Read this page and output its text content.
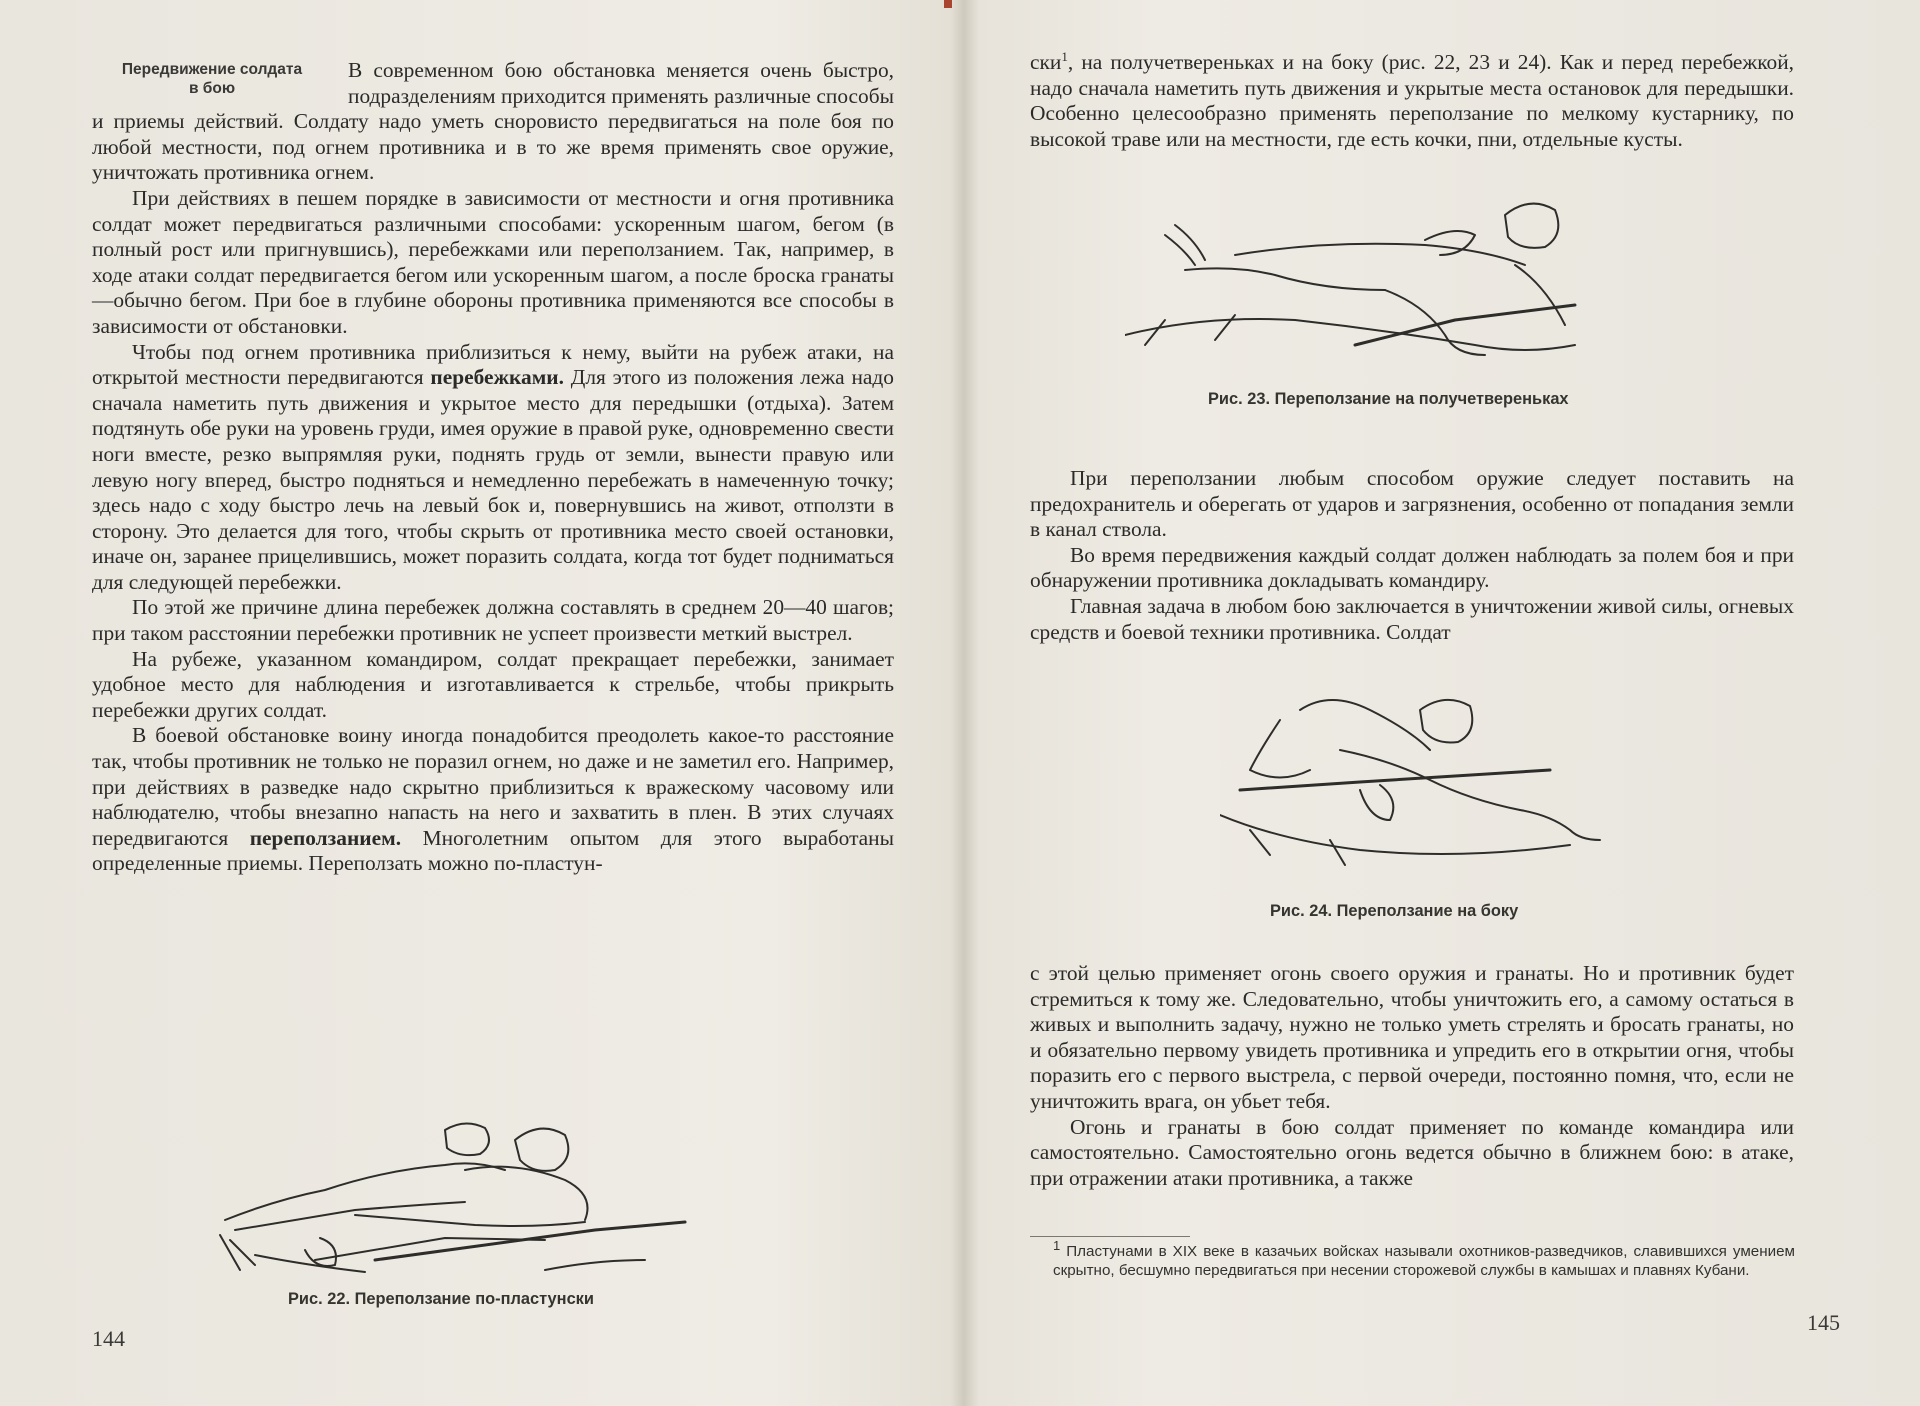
Передвижение солдата
в бою

В современном бою обстановка меняется очень быстро, подразделениям приходится применять различные способы и приемы действий. Солдату надо уметь сноровисто передвигаться на поле боя по любой местности, под огнем противника и в то же время применять свое оружие, уничтожать противника огнем.

При действиях в пешем порядке в зависимости от местности и огня противника солдат может передвигаться различными способами: ускоренным шагом, бегом (в полный рост или пригнувшись), перебежками или переползанием. Так, например, в ходе атаки солдат передвигается бегом или ускоренным шагом, а после броска гранаты —обычно бегом. При бое в глубине обороны противника применяются все способы в зависимости от обстановки.

Чтобы под огнем противника приблизиться к нему, выйти на рубеж атаки, на открытой местности передвигаются перебежками. Для этого из положения лежа надо сначала наметить путь движения и укрытое место для передышки (отдыха). Затем подтянуть обе руки на уровень груди, имея оружие в правой руке, одновременно свести ноги вместе, резко выпрямляя руки, поднять грудь от земли, вынести правую или левую ногу вперед, быстро подняться и немедленно перебежать в намеченную точку; здесь надо с ходу быстро лечь на левый бок и, повернувшись на живот, отползти в сторону. Это делается для того, чтобы скрыть от противника место своей остановки, иначе он, заранее прицелившись, может поразить солдата, когда тот будет подниматься для следующей перебежки.

По этой же причине длина перебежек должна составлять в среднем 20—40 шагов; при таком расстоянии перебежки противник не успеет произвести меткий выстрел.

На рубеже, указанном командиром, солдат прекращает перебежки, занимает удобное место для наблюдения и изготавливается к стрельбе, чтобы прикрыть перебежки других солдат.

В боевой обстановке воину иногда понадобится преодолеть какое-то расстояние так, чтобы противник не только не поразил огнем, но даже и не заметил его. Например, при действиях в разведке надо скрытно приблизиться к вражескому часовому или наблюдателю, чтобы внезапно напасть на него и захватить в плен. В этих случаях передвигаются переползанием. Многолетним опытом для этого выработаны определенные приемы. Переползать можно по-пластун-

Рис. 22. Переползание по-пластунски
144

ски$^1$, на получетвереньках и на боку (рис. 22, 23 и 24). Как и перед перебежкой, надо сначала наметить путь движения и укрытые места остановок для передышки. Особенно целесообразно применять переползание по мелкому кустарнику, по высокой траве или на местности, где есть кочки, пни, отдельные кусты.

Рис. 23. Переползание на получетвереньках

При переползании любым способом оружие следует поставить на предохранитель и оберегать от ударов и загрязнения, особенно от попадания земли в канал ствола.

Во время передвижения каждый солдат должен наблюдать за полем боя и при обнаружении противника докладывать командиру.

Главная задача в любом бою заключается в уничтожении живой силы, огневых средств и боевой техники противника. Солдат

Рис. 24. Переползание на боку

с этой целью применяет огонь своего оружия и гранаты. Но и противник будет стремиться к тому же. Следовательно, чтобы уничтожить его, а самому остаться в живых и выполнить задачу, нужно не только уметь стрелять и бросать гранаты, но и обязательно первому увидеть противника и упредить его в открытии огня, чтобы поразить его с первого выстрела, с первой очереди, постоянно помня, что, если не уничтожить врага, он убьет тебя.

Огонь и гранаты в бою солдат применяет по команде командира или самостоятельно. Самостоятельно огонь ведется обычно в ближнем бою: в атаке, при отражении атаки противника, а также

$^1$ Пластунами в XIX веке в казачьих войсках называли охотников-разведчиков, славившихся умением скрытно, бесшумно передвигаться при несении сторожевой службы в камышах и плавнях Кубани.
145
